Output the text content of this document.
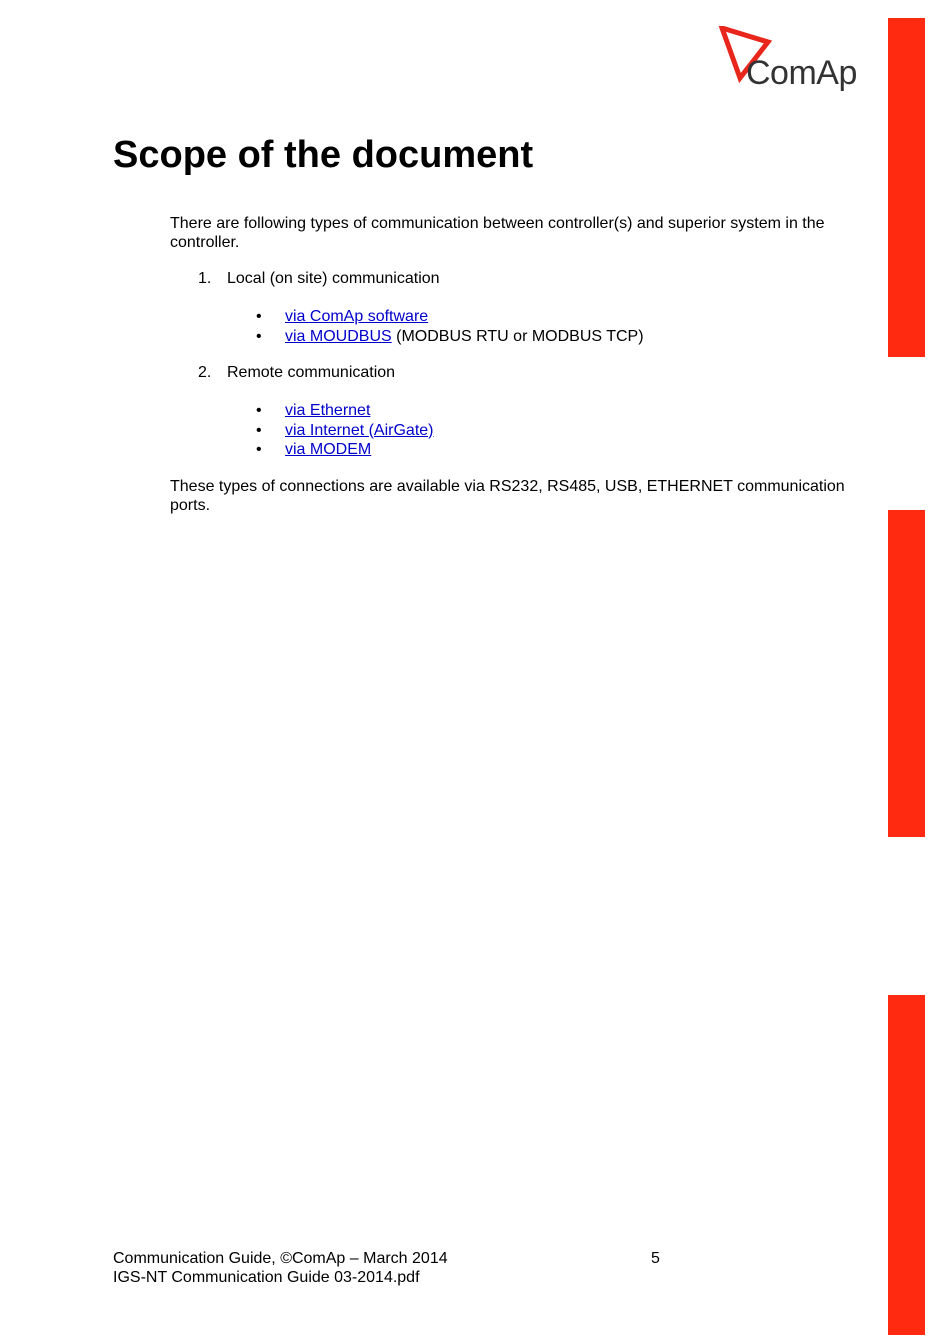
ComAp
Scope of the document

There are following types of communication between controller(s) and superior system in the controller.

1. Local (on site) communication
• via ComAp software
• via MOUDBUS (MODBUS RTU or MODBUS TCP)
2. Remote communication
• via Ethernet
• via Internet (AirGate)
• via MODEM

These types of connections are available via RS232, RS485, USB, ETHERNET communication ports.

Communication Guide, ©ComAp – March 2014
IGS-NT Communication Guide 03-2014.pdf
5
